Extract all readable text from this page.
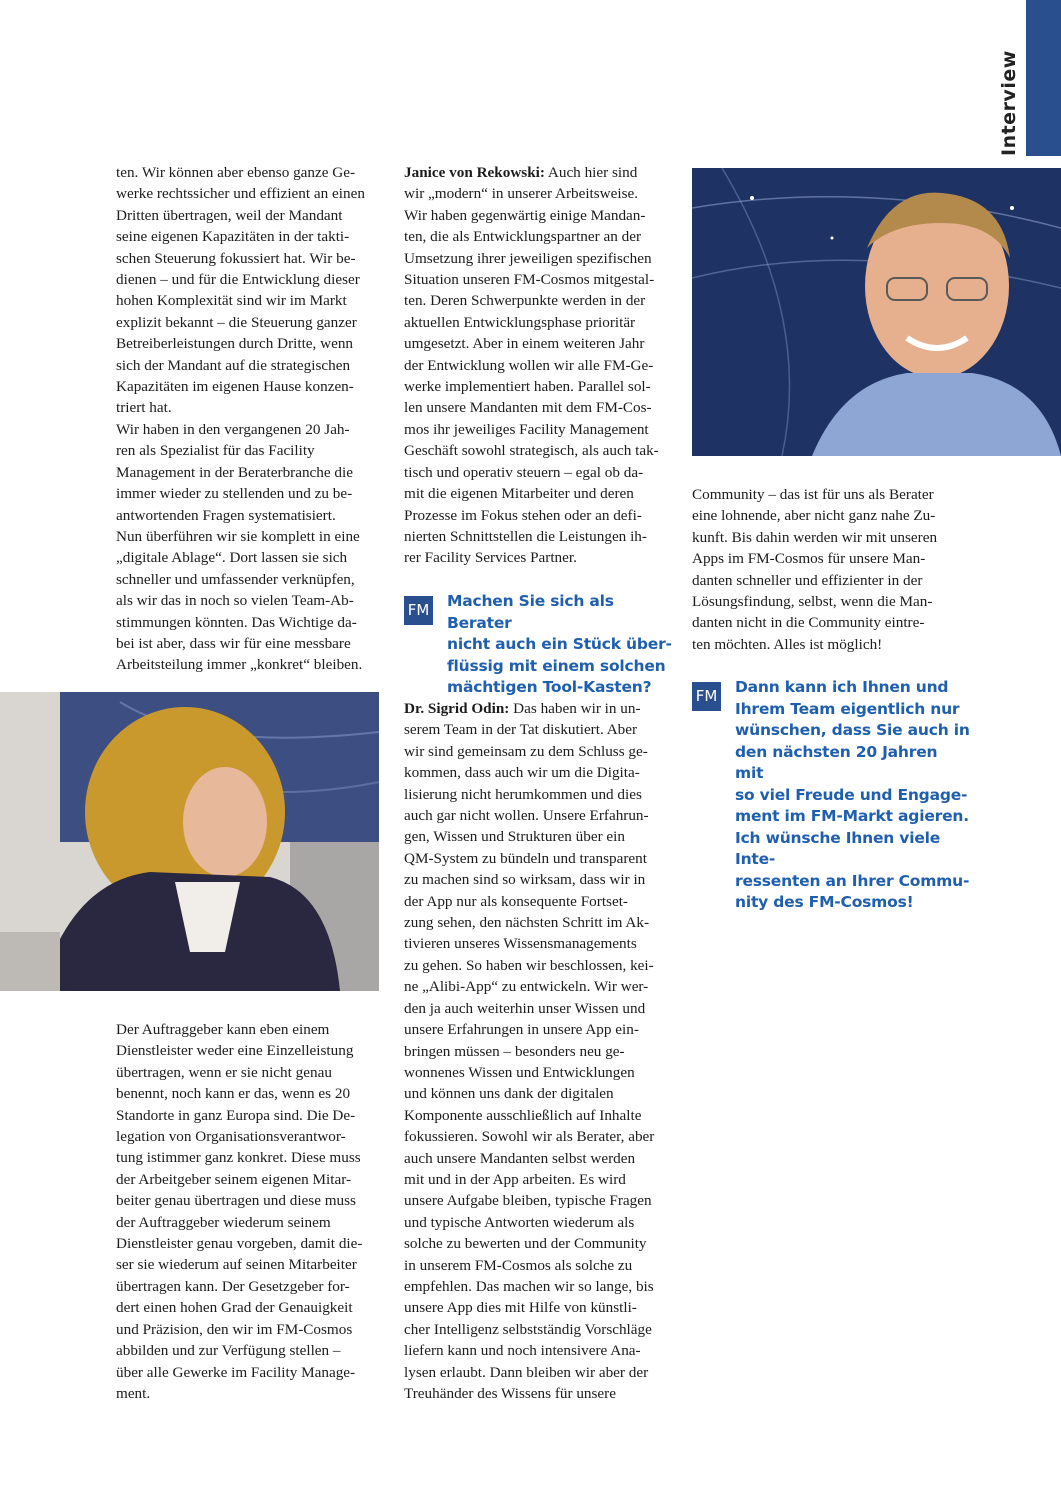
Interview
ten. Wir können aber ebenso ganze Ge-
werke rechtssicher und effizient an einen
Dritten übertragen, weil der Mandant
seine eigenen Kapazitäten in der takti-
schen Steuerung fokussiert hat. Wir be-
dienen – und für die Entwicklung dieser
hohen Komplexität sind wir im Markt
explizit bekannt – die Steuerung ganzer
Betreiberleistungen durch Dritte, wenn
sich der Mandant auf die strategischen
Kapazitäten im eigenen Hause konzen-
triert hat.
Wir haben in den vergangenen 20 Jah-
ren als Spezialist für das Facility
Management in der Beraterbranche die
immer wieder zu stellenden und zu be-
antwortenden Fragen systematisiert.
Nun überführen wir sie komplett in eine
„digitale Ablage“. Dort lassen sie sich
schneller und umfassender verknüpfen,
als wir das in noch so vielen Team-Ab-
stimmungen könnten. Das Wichtige da-
bei ist aber, dass wir für eine messbare
Arbeitsteilung immer „konkret“ bleiben.
Der Auftraggeber kann eben einem
Dienstleister weder eine Einzelleistung
übertragen, wenn er sie nicht genau
benennt, noch kann er das, wenn es 20
Standorte in ganz Europa sind. Die De-
legation von Organisationsverantwor-
tung istimmer ganz konkret. Diese muss
der Arbeitgeber seinem eigenen Mitar-
beiter genau übertragen und diese muss
der Auftraggeber wiederum seinem
Dienstleister genau vorgeben, damit die-
ser sie wiederum auf seinen Mitarbeiter
übertragen kann. Der Gesetzgeber for-
dert einen hohen Grad der Genauigkeit
und Präzision, den wir im FM-Cosmos
abbilden und zur Verfügung stellen –
über alle Gewerke im Facility Manage-
ment.

Janice von Rekowski: Auch hier sind

wir „modern“ in unserer Arbeitsweise.
Wir haben gegenwärtig einige Mandan-
ten, die als Entwicklungspartner an der
Umsetzung ihrer jeweiligen spezifischen
Situation unseren FM-Cosmos mitgestal-
ten. Deren Schwerpunkte werden in der
aktuellen Entwicklungsphase prioritär
umgesetzt. Aber in einem weiteren Jahr
der Entwicklung wollen wir alle FM-Ge-
werke implementiert haben. Parallel sol-
len unsere Mandanten mit dem FM-Cos-
mos ihr jeweiliges Facility Management
Geschäft sowohl strategisch, als auch tak-
tisch und operativ steuern – egal ob da-
mit die eigenen Mitarbeiter und deren
Prozesse im Fokus stehen oder an defi-
nierten Schnittstellen die Leistungen ih-
rer Facility Services Partner.
FM Machen Sie sich als Berater
nicht auch ein Stück über-
flüssig mit einem solchen
mächtigen Tool-Kasten?

Dr. Sigrid Odin: Das haben wir in un-

serem Team in der Tat diskutiert. Aber
wir sind gemeinsam zu dem Schluss ge-
kommen, dass auch wir um die Digita-
lisierung nicht herumkommen und dies
auch gar nicht wollen. Unsere Erfahrun-
gen, Wissen und Strukturen über ein
QM-System zu bündeln und transparent
zu machen sind so wirksam, dass wir in
der App nur als konsequente Fortset-
zung sehen, den nächsten Schritt im Ak-
tivieren unseres Wissensmanagements
zu gehen. So haben wir beschlossen, kei-
ne „Alibi-App“ zu entwickeln. Wir wer-
den ja auch weiterhin unser Wissen und
unsere Erfahrungen in unsere App ein-
bringen müssen – besonders neu ge-
wonnenes Wissen und Entwicklungen
und können uns dank der digitalen
Komponente ausschließlich auf Inhalte
fokussieren. Sowohl wir als Berater, aber
auch unsere Mandanten selbst werden
mit und in der App arbeiten. Es wird
unsere Aufgabe bleiben, typische Fragen
und typische Antworten wiederum als
solche zu bewerten und der Community
in unserem FM-Cosmos als solche zu
empfehlen. Das machen wir so lange, bis
unsere App dies mit Hilfe von künstli-
cher Intelligenz selbstständig Vorschläge
liefern kann und noch intensivere Ana-
lysen erlaubt. Dann bleiben wir aber der
Treuhänder des Wissens für unsere
Community – das ist für uns als Berater
eine lohnende, aber nicht ganz nahe Zu-
kunft. Bis dahin werden wir mit unseren
Apps im FM-Cosmos für unsere Man-
danten schneller und effizienter in der
Lösungsfindung, selbst, wenn die Man-
danten nicht in die Community eintre-
ten möchten. Alles ist möglich!
FM Dann kann ich Ihnen und
Ihrem Team eigentlich nur
wünschen, dass Sie auch in
den nächsten 20 Jahren mit
so viel Freude und Engage-
ment im FM-Markt agieren.
Ich wünsche Ihnen viele Inte-
ressenten an Ihrer Commu-
nity des FM-Cosmos!
